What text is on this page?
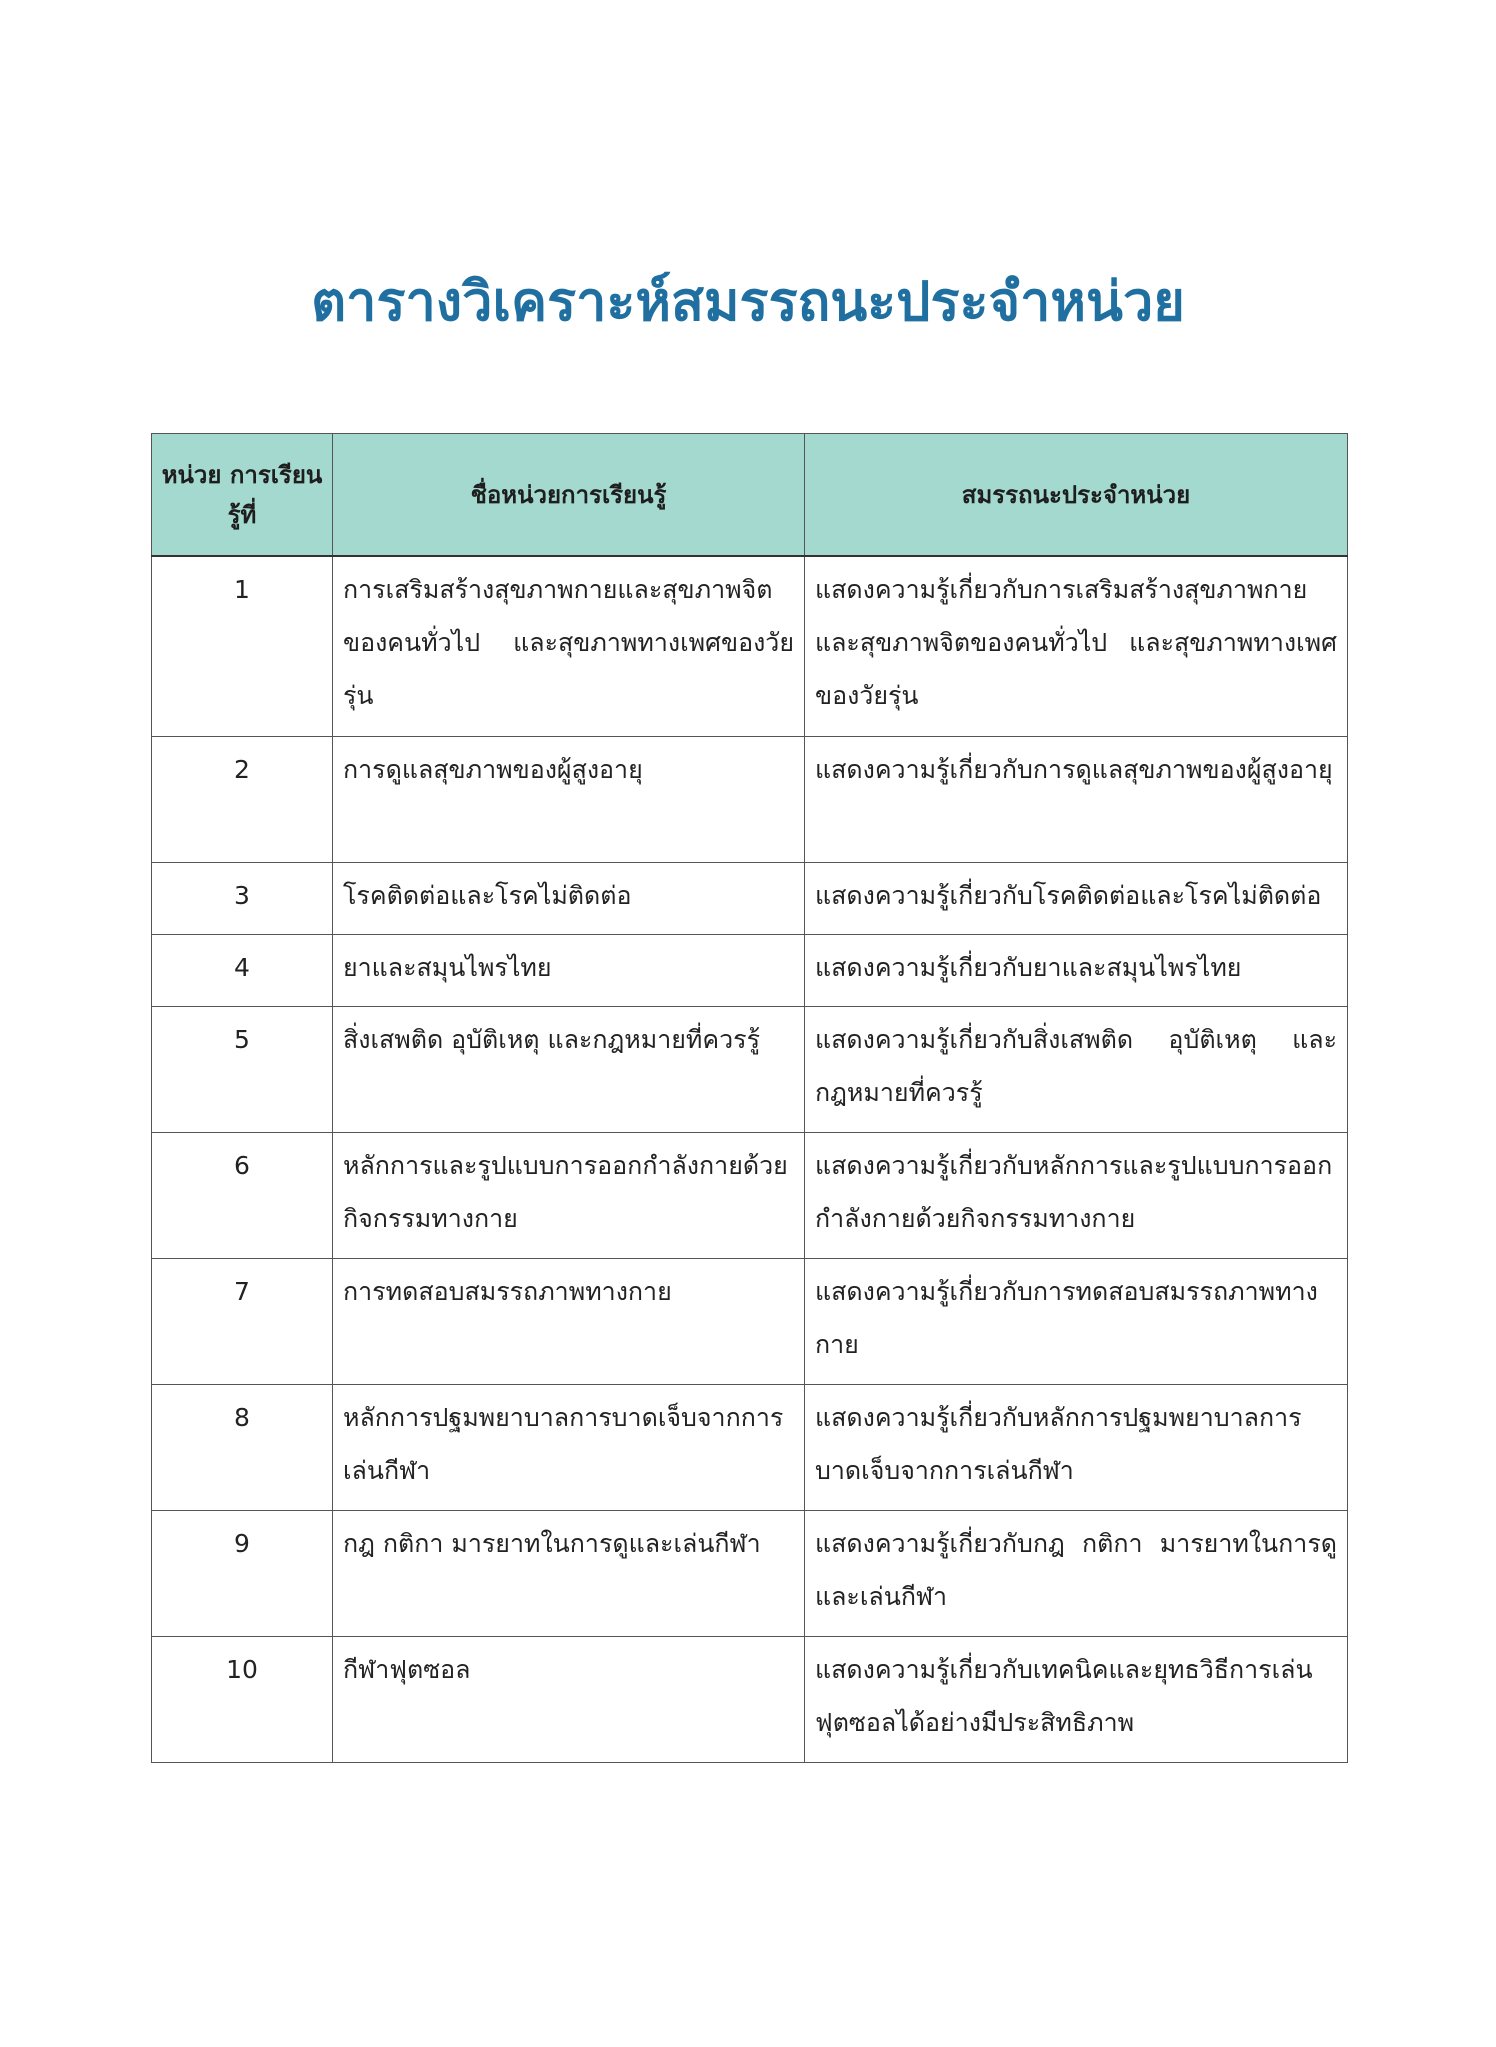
ตารางวิเคราะห์สมรรถนะประจำหน่วย
หน่วย การเรียนรู้ที่	ชื่อหน่วยการเรียนรู้	สมรรถนะประจำหน่วย
1	การเสริมสร้างสุขภาพกายและสุขภาพจิตของคนทั่วไป และสุขภาพทางเพศของวัยรุ่น	แสดงความรู้เกี่ยวกับการเสริมสร้างสุขภาพกายและสุขภาพจิตของคนทั่วไป และสุขภาพทางเพศของวัยรุ่น
2	การดูแลสุขภาพของผู้สูงอายุ	แสดงความรู้เกี่ยวกับการดูแลสุขภาพของผู้สูงอายุ
3	โรคติดต่อและโรคไม่ติดต่อ	แสดงความรู้เกี่ยวกับโรคติดต่อและโรคไม่ติดต่อ
4	ยาและสมุนไพรไทย	แสดงความรู้เกี่ยวกับยาและสมุนไพรไทย
5	สิ่งเสพติด อุบัติเหตุ และกฎหมายที่ควรรู้	แสดงความรู้เกี่ยวกับสิ่งเสพติด อุบัติเหตุ และกฎหมายที่ควรรู้
6	หลักการและรูปแบบการออกกำลังกายด้วยกิจกรรมทางกาย	แสดงความรู้เกี่ยวกับหลักการและรูปแบบการออกกำลังกายด้วยกิจกรรมทางกาย
7	การทดสอบสมรรถภาพทางกาย	แสดงความรู้เกี่ยวกับการทดสอบสมรรถภาพทางกาย
8	หลักการปฐมพยาบาลการบาดเจ็บจากการเล่นกีฬา	แสดงความรู้เกี่ยวกับหลักการปฐมพยาบาลการบาดเจ็บจากการเล่นกีฬา
9	กฎ กติกา มารยาทในการดูและเล่นกีฬา	แสดงความรู้เกี่ยวกับกฎ กติกา มารยาทในการดูและเล่นกีฬา
10	กีฬาฟุตซอล	แสดงความรู้เกี่ยวกับเทคนิคและยุทธวิธีการเล่นฟุตซอลได้อย่างมีประสิทธิภาพ
